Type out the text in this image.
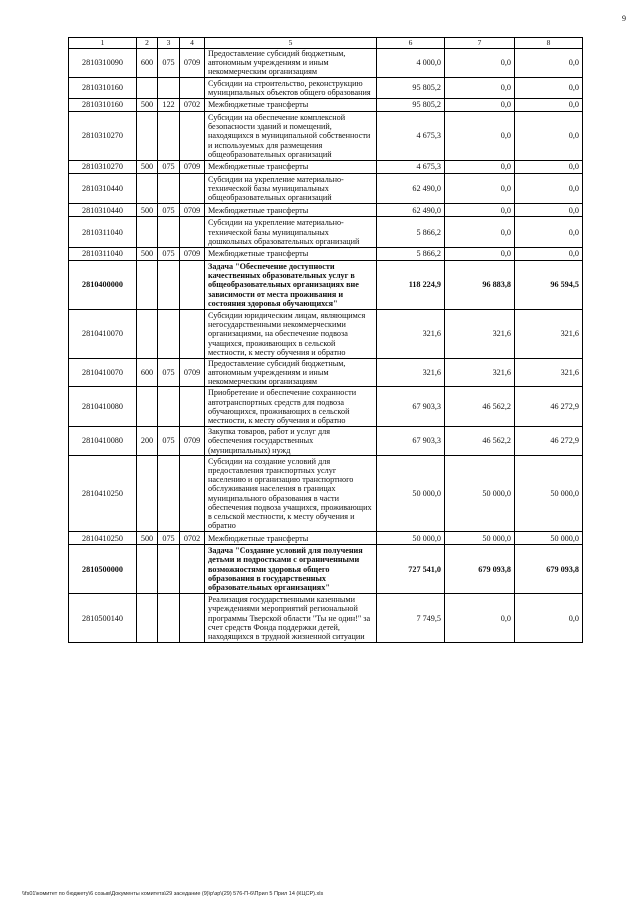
9
1	2	3	4	5	6	7	8
2810310090	600	075	0709	Предоставление субсидий бюджетным, автономным учреждениям и иным некоммерческим организациям	4 000,0	0,0	0,0
2810310160				Субсидии на строительство, реконструкцию муниципальных объектов общего образования	95 805,2	0,0	0,0
2810310160	500	122	0702	Межбюджетные трансферты	95 805,2	0,0	0,0
2810310270				Субсидии на обеспечение комплексной безопасности зданий и помещений, находящихся в муниципальной собственности и используемых для размещения общеобразовательных организаций	4 675,3	0,0	0,0
2810310270	500	075	0709	Межбюджетные трансферты	4 675,3	0,0	0,0
2810310440				Субсидии на укрепление материально-технической базы муниципальных общеобразовательных организаций	62 490,0	0,0	0,0
2810310440	500	075	0709	Межбюджетные трансферты	62 490,0	0,0	0,0
2810311040				Субсидии на укрепление материально-технической базы муниципальных дошкольных образовательных организаций	5 866,2	0,0	0,0
2810311040	500	075	0709	Межбюджетные трансферты	5 866,2	0,0	0,0
2810400000				Задача "Обеспечение доступности качественных образовательных услуг в общеобразовательных организациях вне зависимости от места проживания и состояния здоровья обучающихся"	118 224,9	96 883,8	96 594,5
2810410070				Субсидии юридическим лицам, являющимся негосударственными некоммерческими организациями, на обеспечение подвоза учащихся, проживающих в сельской местности, к месту обучения и обратно	321,6	321,6	321,6
2810410070	600	075	0709	Предоставление субсидий бюджетным, автономным учреждениям и иным некоммерческим организациям	321,6	321,6	321,6
2810410080				Приобретение и обеспечение сохранности автотранспортных средств для подвоза обучающихся, проживающих в сельской местности, к месту обучения и обратно	67 903,3	46 562,2	46 272,9
2810410080	200	075	0709	Закупка товаров, работ и услуг для обеспечения государственных (муниципальных) нужд	67 903,3	46 562,2	46 272,9
2810410250				Субсидии на создание условий для предоставления транспортных услуг населению и организацию транспортного обслуживания населения в границах муниципального образования в части обеспечения подвоза учащихся, проживающих в сельской местности, к месту обучения и обратно	50 000,0	50 000,0	50 000,0
2810410250	500	075	0702	Межбюджетные трансферты	50 000,0	50 000,0	50 000,0
2810500000				Задача "Создание условий для получения детьми и подростками с ограниченными возможностями здоровья общего образования в государственных образовательных организациях"	727 541,0	679 093,8	679 093,8
2810500140				Реализация государственными казенными учреждениями мероприятий региональной программы Тверской области "Ты не один!" за счет средств Фонда поддержки детей, находящихся в трудной жизненной ситуации	7 749,5	0,0	0,0
\\fs01\комитет по бюджету\6 созыв\Документы комитета\29 заседание (9)\p\зр\(29) 576-П-6\Прил 5 Прил 14 (КЦСР).xls
